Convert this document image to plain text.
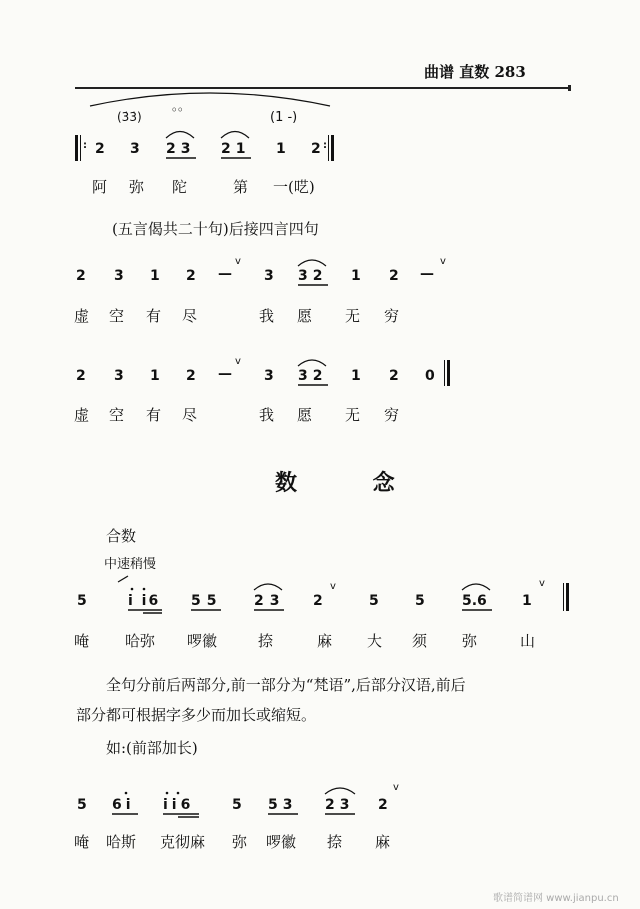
曲谱 直数 283
(3̇3̇)
。。
(1 -)
: 2 3 23 21 1 2 :
阿 弥 陀	第 一 (呓)
(五言偈共二十句)后接四言四句
2 3 1 2 —
v
3 32 1 2 —
v
虚 空 有 尽	我 愿 无 穷
2 3 1 2 —
v
3 32 1 2 0
虚 空 有 尽	我 愿 无 穷
数 念
合数
中速稍慢
5	i i6 55 23 2
v
5	5	5.6	1
v
唵 哈弥 啰徽	捺	麻 大 须 弥	山
全句分前后两部分,前一部分为“梵语”,后部分汉语,前后
部分都可根据字多少而加长或缩短。
如:(前部加长)
5 6i ii6	5 53 23 2
v
唵 哈斯 克彻麻 弥 啰徽 捺 麻
歌谱简谱网 www.jianpu.cn
